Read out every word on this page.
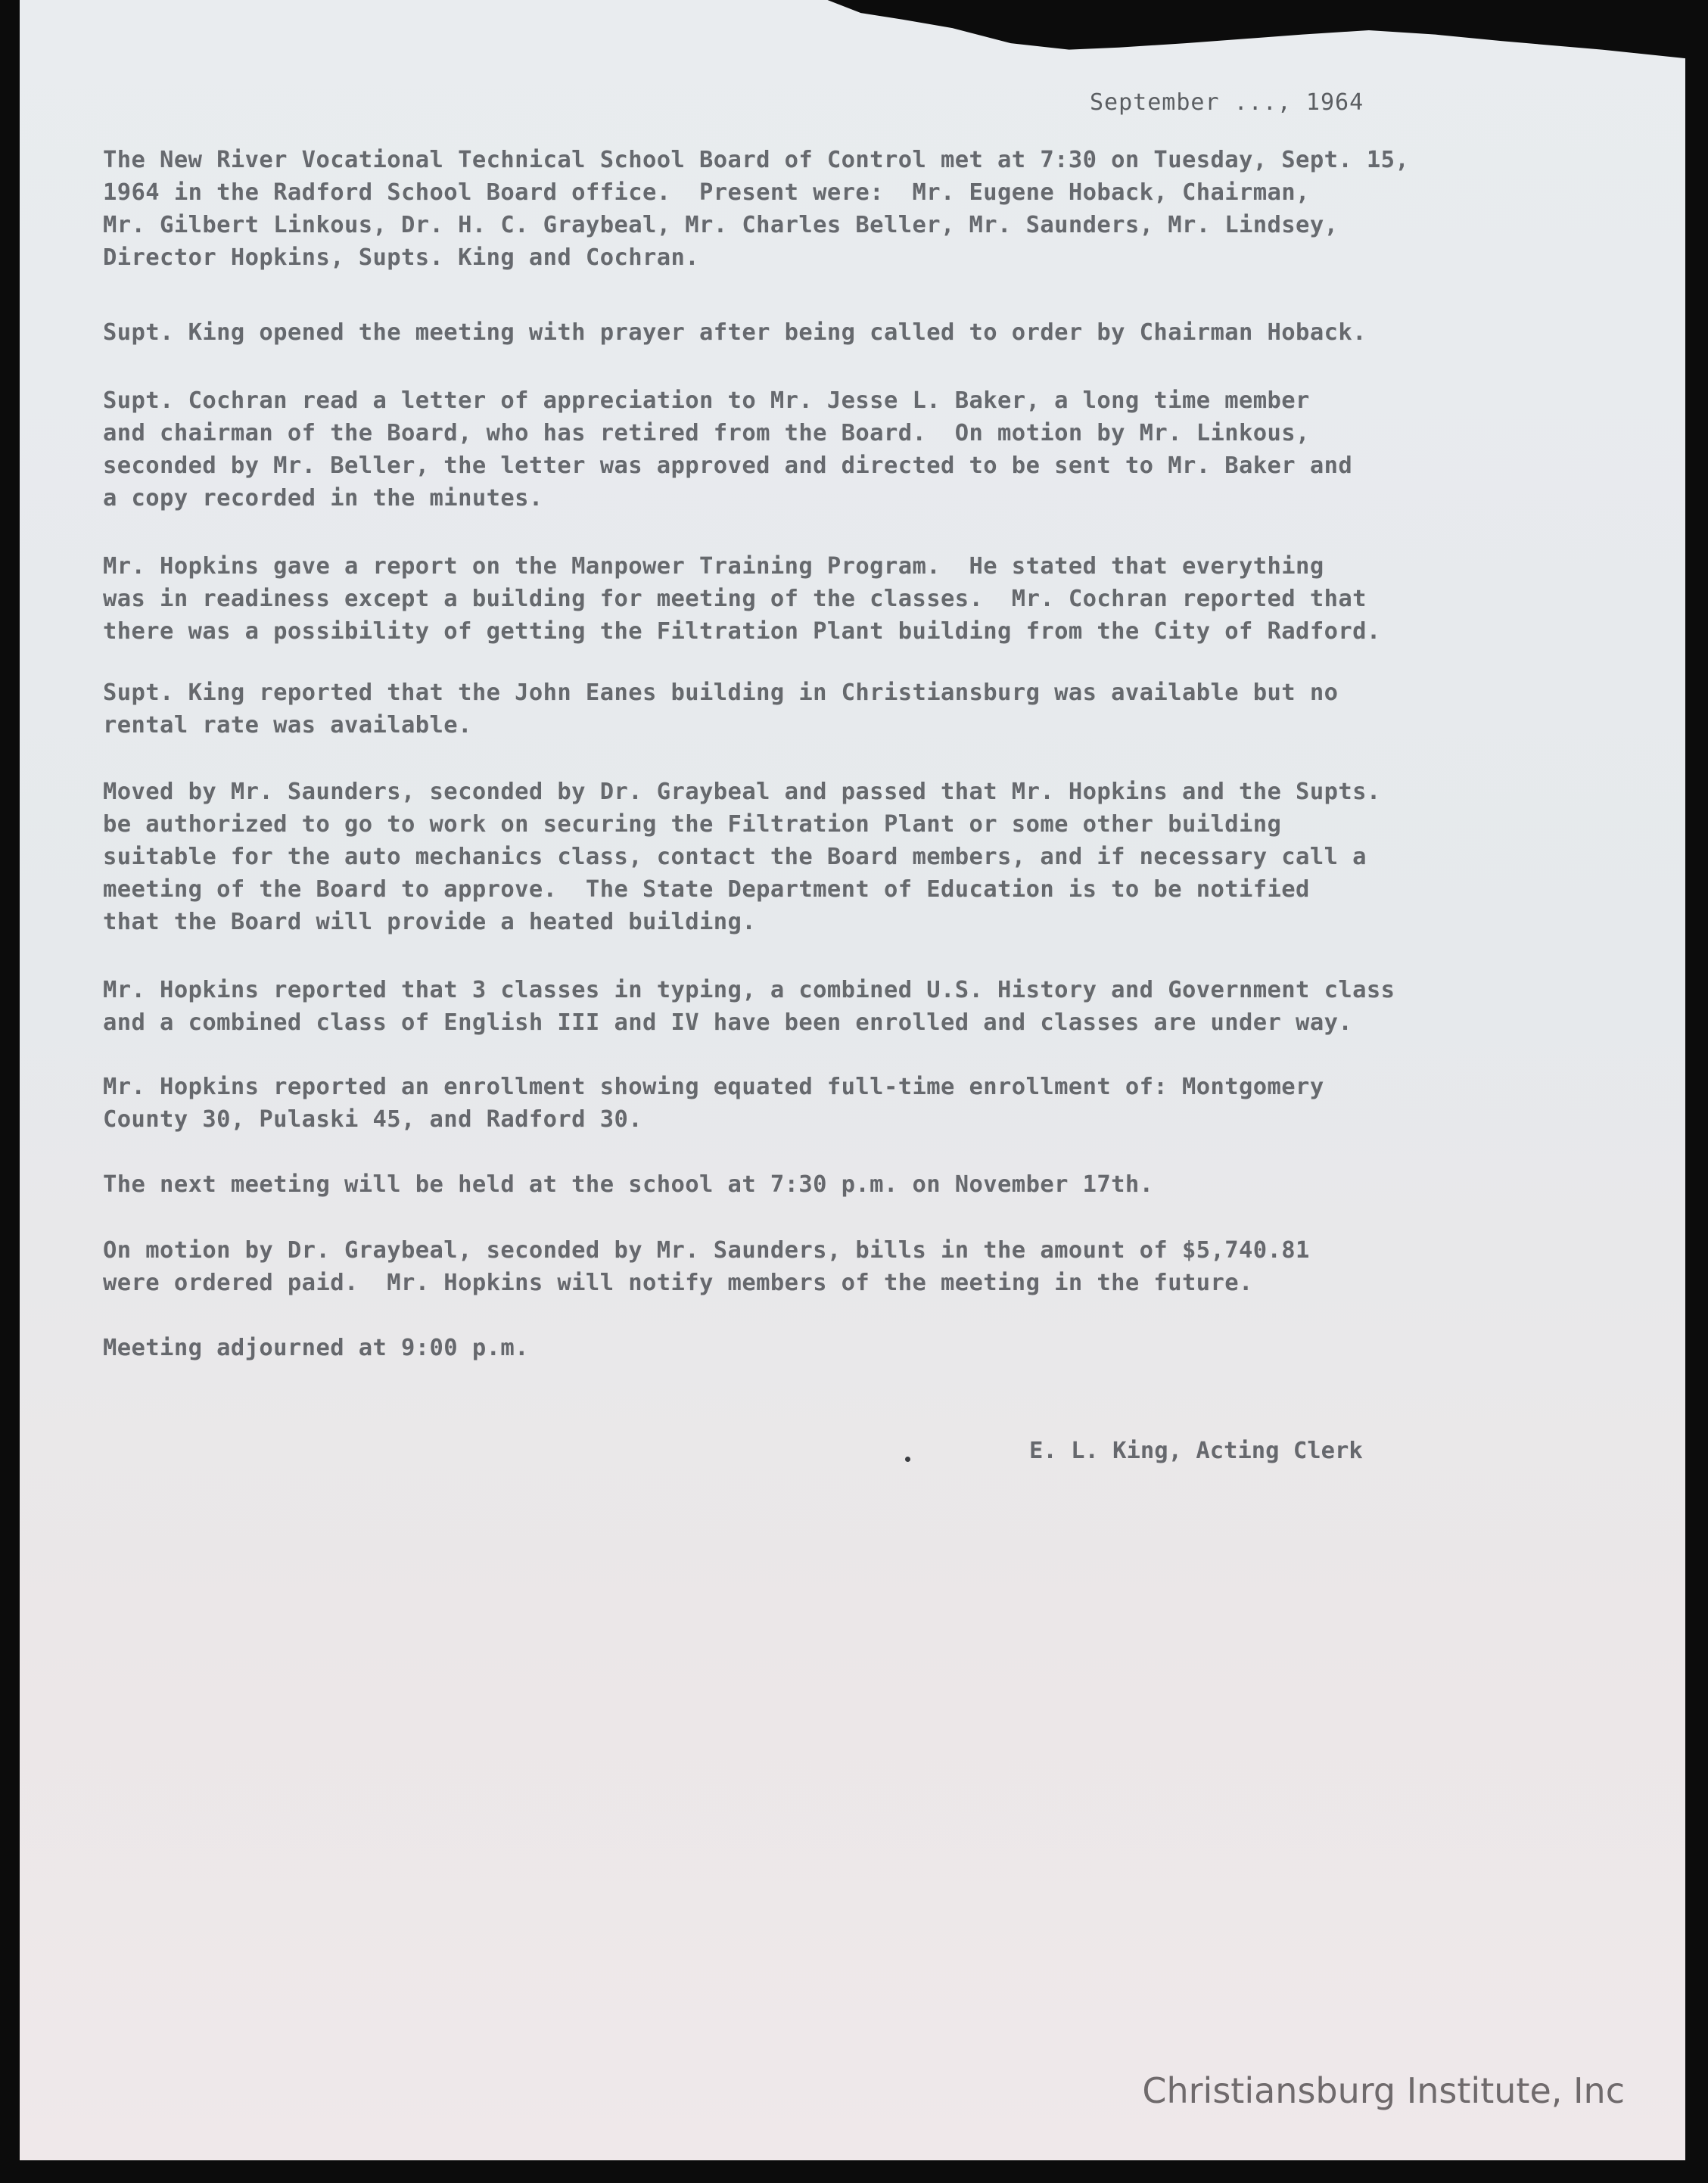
September ..., 1964

The New River Vocational Technical School Board of Control met at 7:30 on Tuesday, Sept. 15,
1964 in the Radford School Board office.  Present were:  Mr. Eugene Hoback, Chairman,
Mr. Gilbert Linkous, Dr. H. C. Graybeal, Mr. Charles Beller, Mr. Saunders, Mr. Lindsey,
Director Hopkins, Supts. King and Cochran.

Supt. King opened the meeting with prayer after being called to order by Chairman Hoback.

Supt. Cochran read a letter of appreciation to Mr. Jesse L. Baker, a long time member
and chairman of the Board, who has retired from the Board.  On motion by Mr. Linkous,
seconded by Mr. Beller, the letter was approved and directed to be sent to Mr. Baker and
a copy recorded in the minutes.

Mr. Hopkins gave a report on the Manpower Training Program.  He stated that everything
was in readiness except a building for meeting of the classes.  Mr. Cochran reported that
there was a possibility of getting the Filtration Plant building from the City of Radford.

Supt. King reported that the John Eanes building in Christiansburg was available but no
rental rate was available.

Moved by Mr. Saunders, seconded by Dr. Graybeal and passed that Mr. Hopkins and the Supts.
be authorized to go to work on securing the Filtration Plant or some other building
suitable for the auto mechanics class, contact the Board members, and if necessary call a
meeting of the Board to approve.  The State Department of Education is to be notified
that the Board will provide a heated building.

Mr. Hopkins reported that 3 classes in typing, a combined U.S. History and Government class
and a combined class of English III and IV have been enrolled and classes are under way.

Mr. Hopkins reported an enrollment showing equated full-time enrollment of: Montgomery
County 30, Pulaski 45, and Radford 30.

The next meeting will be held at the school at 7:30 p.m. on November 17th.

On motion by Dr. Graybeal, seconded by Mr. Saunders, bills in the amount of $5,740.81
were ordered paid.  Mr. Hopkins will notify members of the meeting in the future.

Meeting adjourned at 9:00 p.m.

E. L. King, Acting Clerk
Christiansburg Institute, Inc
